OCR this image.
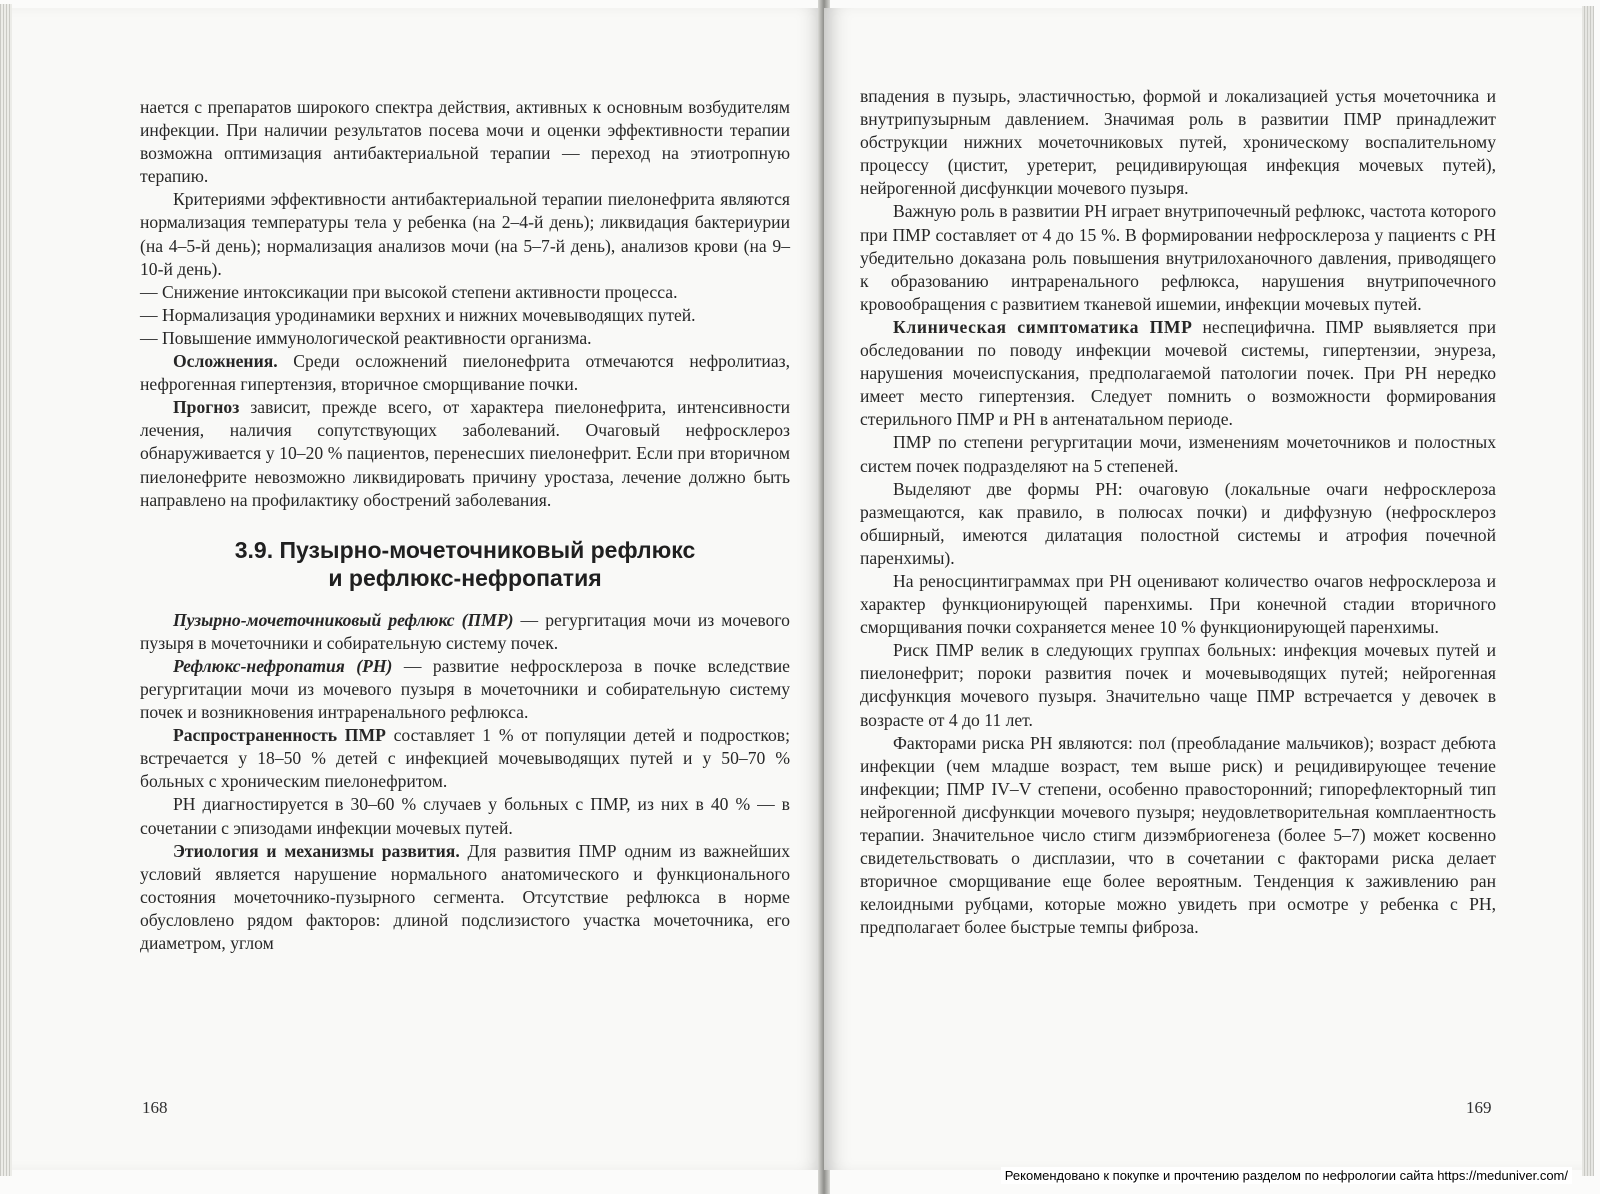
нается с препаратов широкого спектра действия, активных к основным возбудителям инфекции. При наличии результатов посева мочи и оценки эффективности терапии возможна оптимизация антибактериальной терапии — переход на этиотропную терапию.

Критериями эффективности антибактериальной терапии пиелонефрита являются нормализация температуры тела у ребенка (на 2–4-й день); ликвидация бактериурии (на 4–5-й день); нормализация анализов мочи (на 5–7-й день), анализов крови (на 9–10-й день).

— Снижение интоксикации при высокой степени активности процесса.

— Нормализация уродинамики верхних и нижних мочевыводящих путей.

— Повышение иммунологической реактивности организма.

Осложнения. Среди осложнений пиелонефрита отмечаются нефролитиаз, нефрогенная гипертензия, вторичное сморщивание почки.

Прогноз зависит, прежде всего, от характера пиелонефрита, интенсивности лечения, наличия сопутствующих заболеваний. Очаговый нефросклероз обнаруживается у 10–20 % пациентов, перенесших пиелонефрит. Если при вторичном пиелонефрите невозможно ликвидировать причину уростаза, лечение должно быть направлено на профилактику обострений заболевания.

3.9. Пузырно-мочеточниковый рефлюкс
и рефлюкс-нефропатия

Пузырно-мочеточниковый рефлюкс (ПМР) — регургитация мочи из мочевого пузыря в мочеточники и собирательную систему почек.

Рефлюкс-нефропатия (РН) — развитие нефросклероза в почке вследствие регургитации мочи из мочевого пузыря в мочеточники и собирательную систему почек и возникновения интраренального рефлюкса.

Распространенность ПМР составляет 1 % от популяции детей и подростков; встречается у 18–50 % детей с инфекцией мочевыводящих путей и у 50–70 % больных с хроническим пиелонефритом.

РН диагностируется в 30–60 % случаев у больных с ПМР, из них в 40 % — в сочетании с эпизодами инфекции мочевых путей.

Этиология и механизмы развития. Для развития ПМР одним из важнейших условий является нарушение нормального анатомического и функционального состояния мочеточнико-пузырного сегмента. Отсутствие рефлюкса в норме обусловлено рядом факторов: длиной подслизистого участка мочеточника, его диаметром, углом

168

впадения в пузырь, эластичностью, формой и локализацией устья мочеточника и внутрипузырным давлением. Значимая роль в развитии ПМР принадлежит обструкции нижних мочеточниковых путей, хроническому воспалительному процессу (цистит, уретерит, рецидивирующая инфекция мочевых путей), нейрогенной дисфункции мочевого пузыря.

Важную роль в развитии РН играет внутрипочечный рефлюкс, частота которого при ПМР составляет от 4 до 15 %. В формировании нефросклероза у пациентs с РН убедительно доказана роль повышения внутрилоханочного давления, приводящего к образованию интраренального рефлюкса, нарушения внутрипочечного кровообращения с развитием тканевой ишемии, инфекции мочевых путей.

Клиническая симптоматика ПМР неспецифична. ПМР выявляется при обследовании по поводу инфекции мочевой системы, гипертензии, энуреза, нарушения мочеиспускания, предполагаемой патологии почек. При РН нередко имеет место гипертензия. Следует помнить о возможности формирования стерильного ПМР и РН в антенатальном периоде.

ПМР по степени регургитации мочи, изменениям мочеточников и полостных систем почек подразделяют на 5 степеней.

Выделяют две формы РН: очаговую (локальные очаги нефросклероза размещаются, как правило, в полюсах почки) и диффузную (нефросклероз обширный, имеются дилатация полостной системы и атрофия почечной паренхимы).

На реносцинтиграммах при РН оценивают количество очагов нефросклероза и характер функционирующей паренхимы. При конечной стадии вторичного сморщивания почки сохраняется менее 10 % функционирующей паренхимы.

Риск ПМР велик в следующих группах больных: инфекция мочевых путей и пиелонефрит; пороки развития почек и мочевыводящих путей; нейрогенная дисфункция мочевого пузыря. Значительно чаще ПМР встречается у девочек в возрасте от 4 до 11 лет.

Факторами риска РН являются: пол (преобладание мальчиков); возраст дебюта инфекции (чем младше возраст, тем выше риск) и рецидивирующее течение инфекции; ПМР IV–V степени, особенно правосторонний; гипорефлекторный тип нейрогенной дисфункции мочевого пузыря; неудовлетворительная комплаентность терапии. Значительное число стигм дизэмбриогенеза (более 5–7) может косвенно свидетельствовать о дисплазии, что в сочетании с факторами риска делает вторичное сморщивание еще более вероятным. Тенденция к заживлению ран келоидными рубцами, которые можно увидеть при осмотре у ребенка с РН, предполагает более быстрые темпы фиброза.

169
Рекомендовано к покупке и прочтению разделом по нефрологии сайта https://meduniver.com/
